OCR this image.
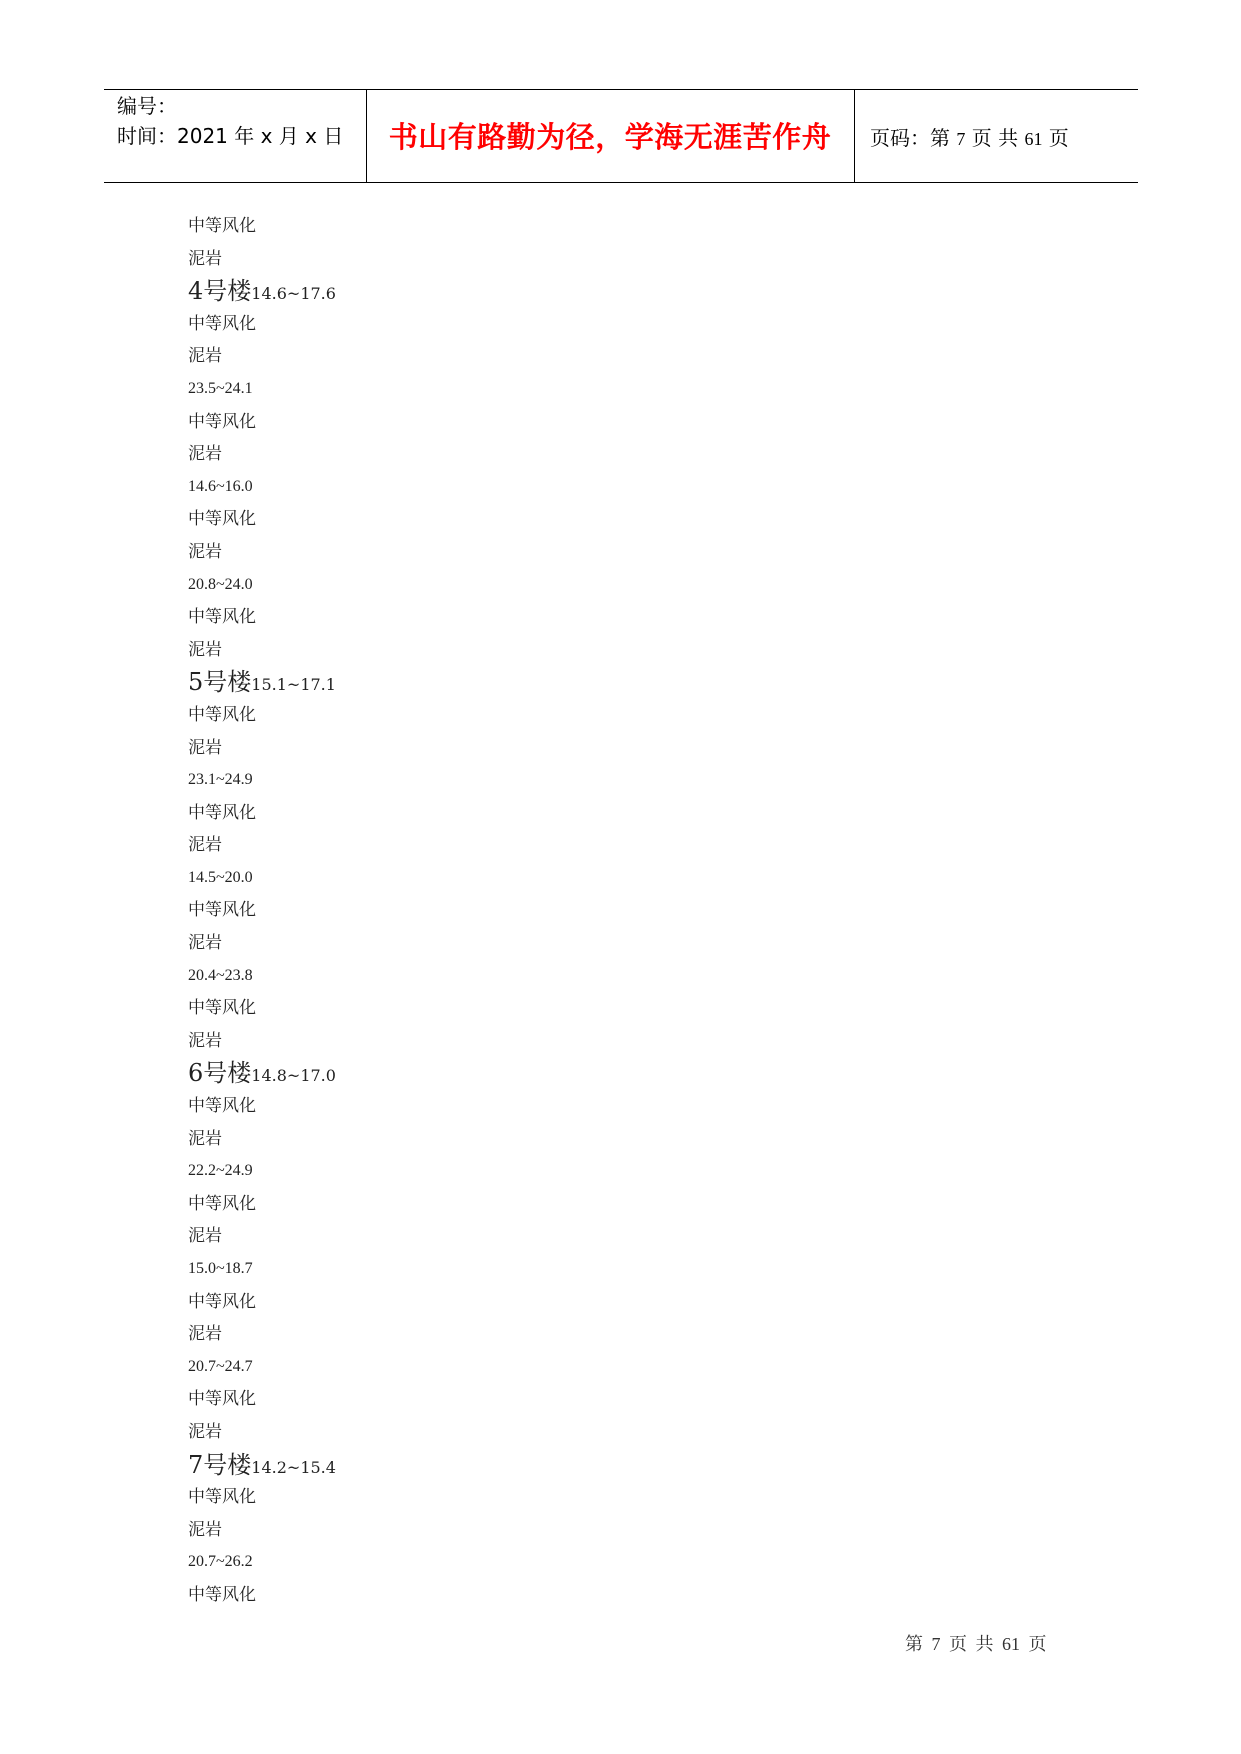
编号：
时间：2021 年 x 月 x 日	书山有路勤为径，学海无涯苦作舟	页码：第 7 页 共 61 页
中等风化
泥岩
4号楼14.6~17.6
中等风化
泥岩
23.5~24.1
中等风化
泥岩
14.6~16.0
中等风化
泥岩
20.8~24.0
中等风化
泥岩
5号楼15.1~17.1
中等风化
泥岩
23.1~24.9
中等风化
泥岩
14.5~20.0
中等风化
泥岩
20.4~23.8
中等风化
泥岩
6号楼14.8~17.0
中等风化
泥岩
22.2~24.9
中等风化
泥岩
15.0~18.7
中等风化
泥岩
20.7~24.7
中等风化
泥岩
7号楼14.2~15.4
中等风化
泥岩
20.7~26.2
中等风化
第 7 页 共 61 页
